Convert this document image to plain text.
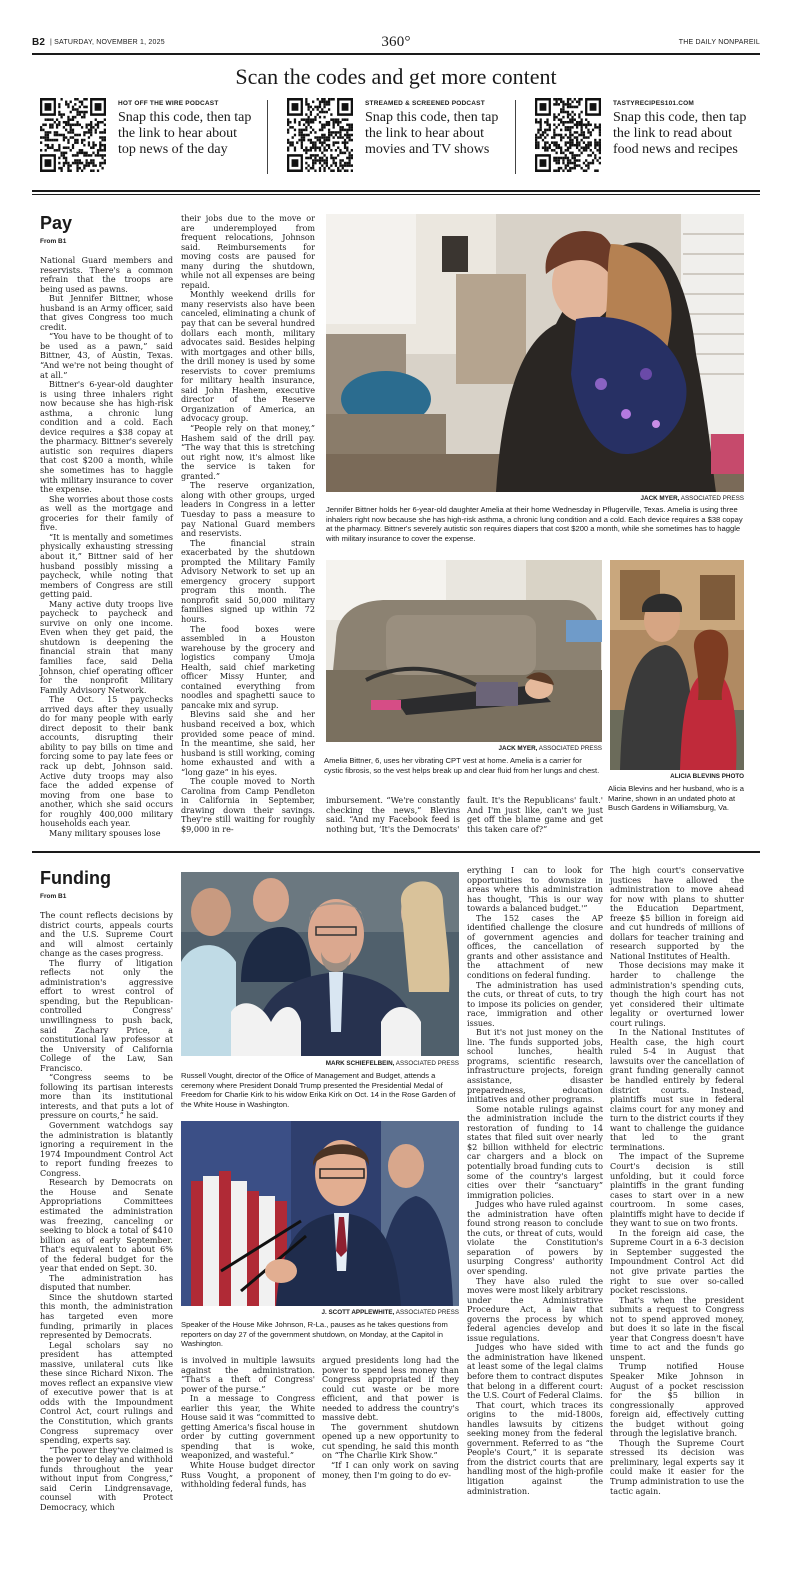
B2 | SATURDAY, NOVEMBER 1, 2025	360°	THE DAILY NONPAREIL
Scan the codes and get more content
HOT OFF THE WIRE PODCAST
Snap this code, then tap the link to hear about top news of the day
STREAMED & SCREENED PODCAST
Snap this code, then tap the link to hear about movies and TV shows
TASTYRECIPES101.COM
Snap this code, then tap the link to read about food news and recipes
Pay
From B1

National Guard members and reservists. There's a common refrain that the troops are being used as pawns.

But Jennifer Bittner, whose husband is an Army officer, said that gives Congress too much credit.

“You have to be thought of to be used as a pawn,” said Bittner, 43, of Austin, Texas. “And we're not being thought of at all.”

Bittner's 6-year-old daughter is using three inhalers right now because she has high-risk asthma, a chronic lung condition and a cold. Each device requires a $38 copay at the pharmacy. Bittner's severely autistic son requires diapers that cost $200 a month, while she sometimes has to haggle with military insurance to cover the expense.

She worries about those costs as well as the mortgage and groceries for their family of five.

“It is mentally and sometimes physically exhausting stressing about it,” Bittner said of her husband possibly missing a paycheck, while noting that members of Congress are still getting paid.

Many active duty troops live paycheck to paycheck and survive on only one income. Even when they get paid, the shutdown is deepening the financial strain that many families face, said Delia Johnson, chief operating officer for the nonprofit Military Family Advisory Network.

The Oct. 15 paychecks arrived days after they usually do for many people with early direct deposit to their bank accounts, disrupting their ability to pay bills on time and forcing some to pay late fees or rack up debt, Johnson said. Active duty troops may also face the added expense of moving from one base to another, which she said occurs for roughly 400,000 military households each year.

Many military spouses lose

their jobs due to the move or are underemployed from frequent relocations, Johnson said. Reimbursements for moving costs are paused for many during the shutdown, while not all expenses are being repaid.

Monthly weekend drills for many reservists also have been canceled, eliminating a chunk of pay that can be several hundred dollars each month, military advocates said. Besides helping with mortgages and other bills, the drill money is used by some reservists to cover premiums for military health insurance, said John Hashem, executive director of the Reserve Organization of America, an advocacy group.

“People rely on that money,” Hashem said of the drill pay. “The way that this is stretching out right now, it's almost like the service is taken for granted.”

The reserve organization, along with other groups, urged leaders in Congress in a letter Tuesday to pass a measure to pay National Guard members and reservists.

The financial strain exacerbated by the shutdown prompted the Military Family Advisory Network to set up an emergency grocery support program this month. The nonprofit said 50,000 military families signed up within 72 hours.

The food boxes were assembled in a Houston warehouse by the grocery and logistics company Umoja Health, said chief marketing officer Missy Hunter, and contained everything from noodles and spaghetti sauce to pancake mix and syrup.

Blevins said she and her husband received a box, which provided some peace of mind. In the meantime, she said, her husband is still working, coming home exhausted and with a “long gaze” in his eyes.

The couple moved to North Carolina from Camp Pendleton in California in September, drawing down their savings. They're still waiting for roughly $9,000 in re-

JACK MYER, ASSOCIATED PRESS
Jennifer Bittner holds her 6-year-old daughter Amelia at their home Wednesday in Pflugerville, Texas. Amelia is using three inhalers right now because she has high-risk asthma, a chronic lung condition and a cold. Each device requires a $38 copay at the pharmacy. Bittner's severely autistic son requires diapers that cost $200 a month, while she sometimes has to haggle with military insurance to cover the expense.
JACK MYER, ASSOCIATED PRESS
Amelia Bittner, 6, uses her vibrating CPT vest at home. Amelia is a carrier for cystic fibrosis, so the vest helps break up and clear fluid from her lungs and chest.
ALICIA BLEVINS PHOTO
Alicia Blevins and her husband, who is a Marine, shown in an undated photo at Busch Gardens in Williamsburg, Va.

imbursement. “We're constantly checking the news,” Blevins said. “And my Facebook feed is nothing but, ‘It's the Democrats'

fault. It's the Republicans' fault.' And I'm just like, can't we just get off the blame game and get this taken care of?”

Funding
From B1

The count reflects decisions by district courts, appeals courts and the U.S. Supreme Court and will almost certainly change as the cases progress.

The flurry of litigation reflects not only the administration's aggressive effort to wrest control of spending, but the Republican-controlled Congress' unwillingness to push back, said Zachary Price, a constitutional law professor at the University of California College of the Law, San Francisco.

“Congress seems to be following its partisan interests more than its institutional interests, and that puts a lot of pressure on courts,” he said.

Government watchdogs say the administration is blatantly ignoring a requirement in the 1974 Impoundment Control Act to report funding freezes to Congress.

Research by Democrats on the House and Senate Appropriations Committees estimated the administration was freezing, canceling or seeking to block a total of $410 billion as of early September. That's equivalent to about 6% of the federal budget for the year that ended on Sept. 30.

The administration has disputed that number.

Since the shutdown started this month, the administration has targeted even more funding, primarily in places represented by Democrats.

Legal scholars say no president has attempted massive, unilateral cuts like these since Richard Nixon. The moves reflect an expansive view of executive power that is at odds with the Impoundment Control Act, court rulings and the Constitution, which grants Congress supremacy over spending, experts say.

“The power they've claimed is the power to delay and withhold funds throughout the year without input from Congress,” said Cerin Lindgrensavage, counsel with Protect Democracy, which

MARK SCHIEFELBEIN, ASSOCIATED PRESS
Russell Vought, director of the Office of Management and Budget, attends a ceremony where President Donald Trump presented the Presidential Medal of Freedom for Charlie Kirk to his widow Erika Kirk on Oct. 14 in the Rose Garden of the White House in Washington.
J. SCOTT APPLEWHITE, ASSOCIATED PRESS
Speaker of the House Mike Johnson, R-La., pauses as he takes questions from reporters on day 27 of the government shutdown, on Monday, at the Capitol in Washington.

is involved in multiple lawsuits against the administration. “That's a theft of Congress' power of the purse.”

In a message to Congress earlier this year, the White House said it was “committed to getting America's fiscal house in order by cutting government spending that is woke, weaponized, and wasteful.”

White House budget director Russ Vought, a proponent of withholding federal funds, has

argued presidents long had the power to spend less money than Congress appropriated if they could cut waste or be more efficient, and that power is needed to address the country's massive debt.

The government shutdown opened up a new opportunity to cut spending, he said this month on “The Charlie Kirk Show.”

“If I can only work on saving money, then I'm going to do ev-

erything I can to look for opportunities to downsize in areas where this administration has thought, 'This is our way towards a balanced budget.'”

The 152 cases the AP identified challenge the closure of government agencies and offices, the cancellation of grants and other assistance and the attachment of new conditions on federal funding.

The administration has used the cuts, or threat of cuts, to try to impose its policies on gender, race, immigration and other issues.

But it's not just money on the line. The funds supported jobs, school lunches, health programs, scientific research, infrastructure projects, foreign assistance, disaster preparedness, education initiatives and other programs.

Some notable rulings against the administration include the restoration of funding to 14 states that filed suit over nearly $2 billion withheld for electric car chargers and a block on potentially broad funding cuts to some of the country's largest cities over their “sanctuary” immigration policies.

Judges who have ruled against the administration have often found strong reason to conclude the cuts, or threat of cuts, would violate the Constitution's separation of powers by usurping Congress' authority over spending.

They have also ruled the moves were most likely arbitrary under the Administrative Procedure Act, a law that governs the process by which federal agencies develop and issue regulations.

Judges who have sided with the administration have likened at least some of the legal claims before them to contract disputes that belong in a different court: the U.S. Court of Federal Claims.

That court, which traces its origins to the mid-1800s, handles lawsuits by citizens seeking money from the federal government. Referred to as “the People's Court,” it is separate from the district courts that are handling most of the high-profile litigation against the administration.

The high court's conservative justices have allowed the administration to move ahead for now with plans to shutter the Education Department, freeze $5 billion in foreign aid and cut hundreds of millions of dollars for teacher training and research supported by the National Institutes of Health.

Those decisions may make it harder to challenge the administration's spending cuts, though the high court has not yet considered their ultimate legality or overturned lower court rulings.

In the National Institutes of Health case, the high court ruled 5-4 in August that lawsuits over the cancellation of grant funding generally cannot be handled entirely by federal district courts. Instead, plaintiffs must sue in federal claims court for any money and turn to the district courts if they want to challenge the guidance that led to the grant terminations.

The impact of the Supreme Court's decision is still unfolding, but it could force plaintiffs in the grant funding cases to start over in a new courtroom. In some cases, plaintiffs might have to decide if they want to sue on two fronts.

In the foreign aid case, the Supreme Court in a 6-3 decision in September suggested the Impoundment Control Act did not give private parties the right to sue over so-called pocket rescissions.

That's when the president submits a request to Congress not to spend approved money, but does it so late in the fiscal year that Congress doesn't have time to act and the funds go unspent.

Trump notified House Speaker Mike Johnson in August of a pocket rescission for the $5 billion in congressionally approved foreign aid, effectively cutting the budget without going through the legislative branch.

Though the Supreme Court stressed its decision was preliminary, legal experts say it could make it easier for the Trump administration to use the tactic again.
